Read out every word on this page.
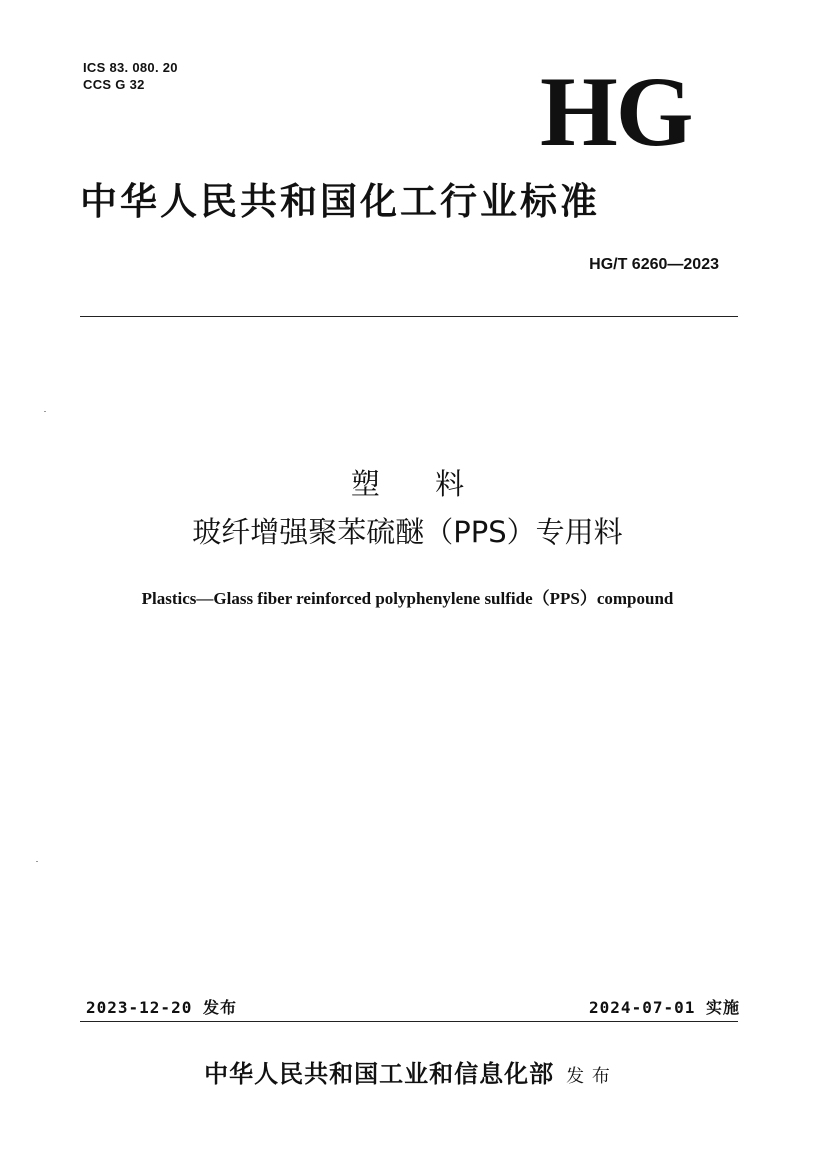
ICS 83. 080. 20
CCS G 32	HG
中华人民共和国化工行业标准
HG/T 6260—2023
塑      料
玻纤增强聚苯硫醚（PPS）专用料
Plastics—Glass fiber reinforced polyphenylene sulfide（PPS）compound
2023-12-20 发布	2024-07-01 实施
中华人民共和国工业和信息化部 发 布
